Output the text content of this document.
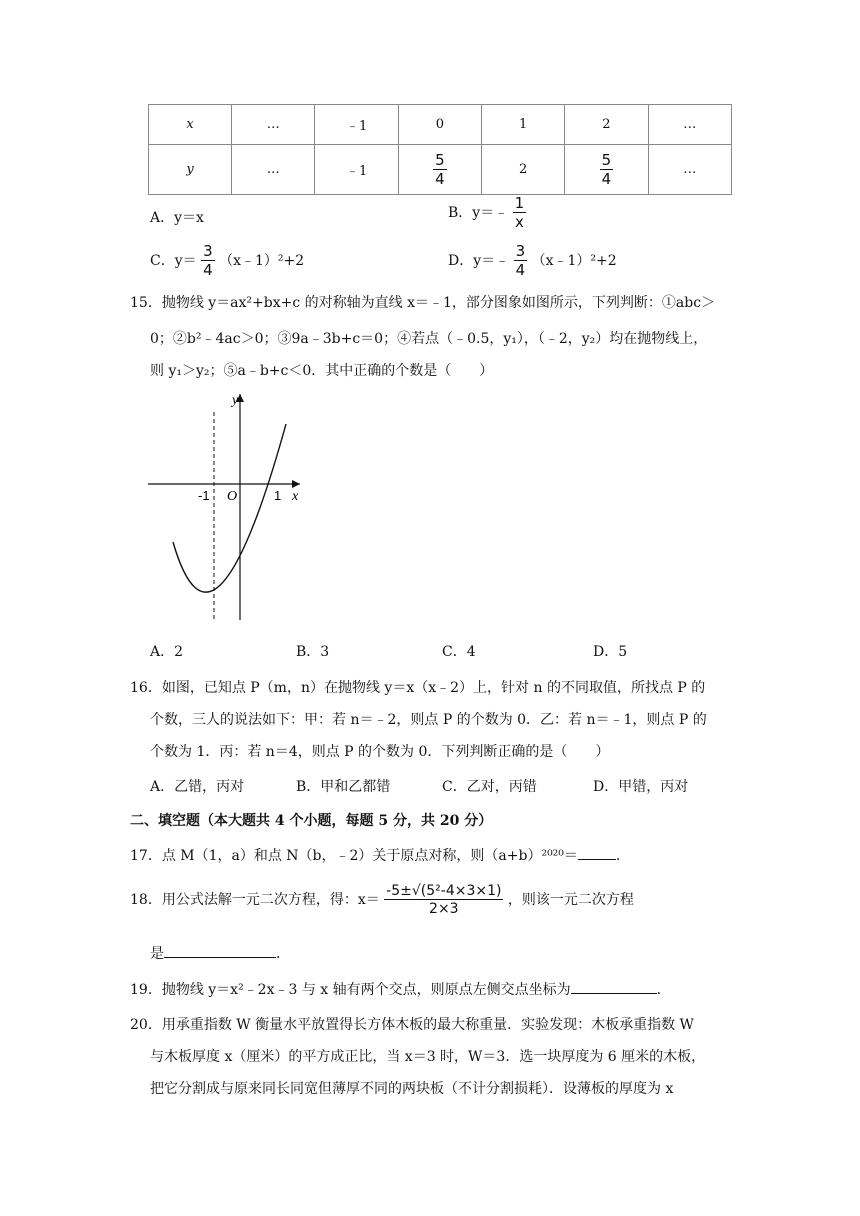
x	…	﹣1	0	1	2	…
y	…	﹣1	$\frac{5}{4}$	2	$\frac{5}{4}$	…
A．y＝x	B．y＝﹣ $\frac{1}{x}$
C．$y= \frac{3}{4}$ （x﹣1）²+2	D．y＝﹣ $\frac{3}{4}$ （x﹣1）²+2
15．抛物线 y＝ax²+bx+c 的对称轴为直线 x＝﹣1，部分图象如图所示，下列判断：①abc＞
0；②b²﹣4ac＞0；③9a﹣3b+c＝0；④若点（﹣0.5，y₁），（﹣2，y₂）均在抛物线上，
则 y₁＞y₂；⑤a﹣b+c＜0．其中正确的个数是（　　）
y
x
O
-1	1
A．2	B．3	C．4	D．5
16．如图，已知点 P（m，n）在抛物线 y＝x（x﹣2）上，针对 n 的不同取值，所找点 P 的
个数，三人的说法如下：甲：若 n＝﹣2，则点 P 的个数为 0．乙：若 n＝﹣1，则点 P 的
个数为 1．丙：若 n＝4，则点 P 的个数为 0．下列判断正确的是（　　）
A．乙错，丙对	B．甲和乙都错	C．乙对，丙错	D．甲错，丙对
二、填空题（本大题共 4 个小题，每题 5 分，共 20 分）
17．点 M（1，a）和点 N（b，﹣2）关于原点对称，则（a+b）²⁰²⁰＝	.
18．用公式法解一元二次方程，得：$x= \frac{\text{-5±√(5²-4×3×1)}}{2\times 3}$ ，则该一元二次方程
是	.
19．抛物线 y＝x²﹣2x﹣3 与 x 轴有两个交点，则原点左侧交点坐标为	.
20．用承重指数 W 衡量水平放置得长方体木板的最大称重量．实验发现：木板承重指数 W
与木板厚度 x（厘米）的平方成正比，当 x＝3 时，W＝3．选一块厚度为 6 厘米的木板，
把它分割成与原来同长同宽但薄厚不同的两块板（不计分割损耗）．设薄板的厚度为 x
